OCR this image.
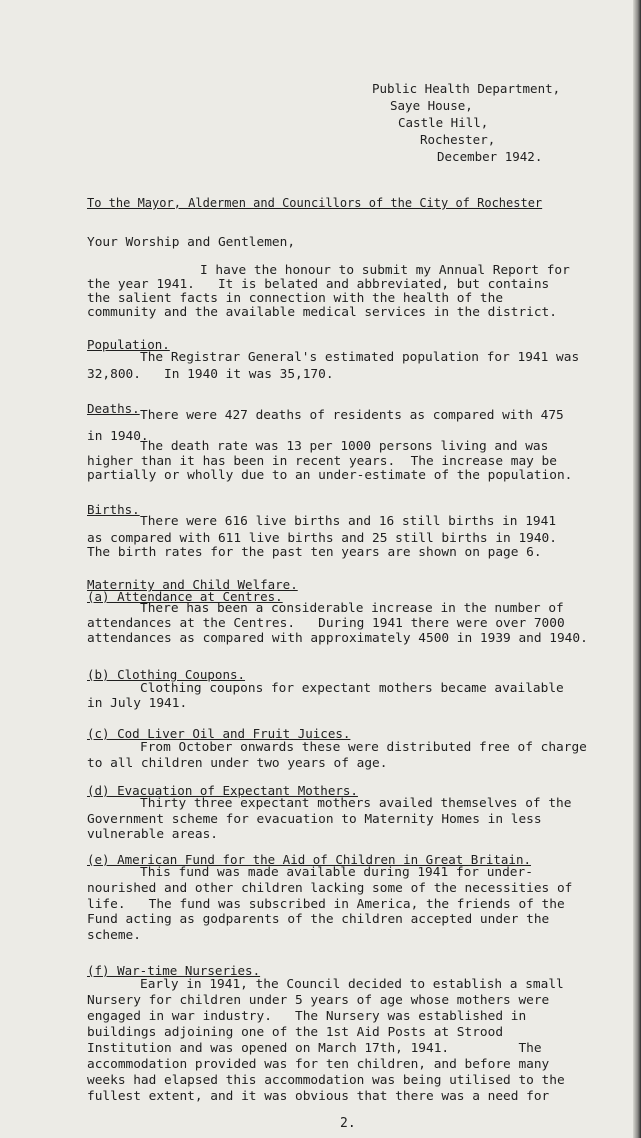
Public Health Department,
Saye House,
Castle Hill,
Rochester,
December 1942.
To the Mayor, Aldermen and Councillors of the City of Rochester
Your Worship and Gentlemen,
I have the honour to submit my Annual Report for
the year 1941.   It is belated and abbreviated, but contains
the salient facts in connection with the health of the
community and the available medical services in the district.
Population.
The Registrar General's estimated population for 1941 was
32,800.   In 1940 it was 35,170.
Deaths. There were 427 deaths of residents as compared with 475
in 1940.
The death rate was 13 per 1000 persons living and was
higher than it has been in recent years.  The increase may be
partially or wholly due to an under-estimate of the population.
Births.
There were 616 live births and 16 still births in 1941
as compared with 611 live births and 25 still births in 1940.
The birth rates for the past ten years are shown on page 6.
Maternity and Child Welfare.
(a) Attendance at Centres.
There has been a considerable increase in the number of
attendances at the Centres.   During 1941 there were over 7000
attendances as compared with approximately 4500 in 1939 and 1940.
(b) Clothing Coupons.
Clothing coupons for expectant mothers became available
in July 1941.
(c) Cod Liver Oil and Fruit Juices.
From October onwards these were distributed free of charge
to all children under two years of age.
(d) Evacuation of Expectant Mothers.
Thirty three expectant mothers availed themselves of the
Government scheme for evacuation to Maternity Homes in less
vulnerable areas.
(e) American Fund for the Aid of Children in Great Britain.
This fund was made available during 1941 for under-
nourished and other children lacking some of the necessities of
life.   The fund was subscribed in America, the friends of the
Fund acting as godparents of the children accepted under the
scheme.
(f) War-time Nurseries.
Early in 1941, the Council decided to establish a small
Nursery for children under 5 years of age whose mothers were
engaged in war industry.   The Nursery was established in
buildings adjoining one of the 1st Aid Posts at Strood
Institution and was opened on March 17th, 1941.         The
accommodation provided was for ten children, and before many
weeks had elapsed this accommodation was being utilised to the
fullest extent, and it was obvious that there was a need for
2.
